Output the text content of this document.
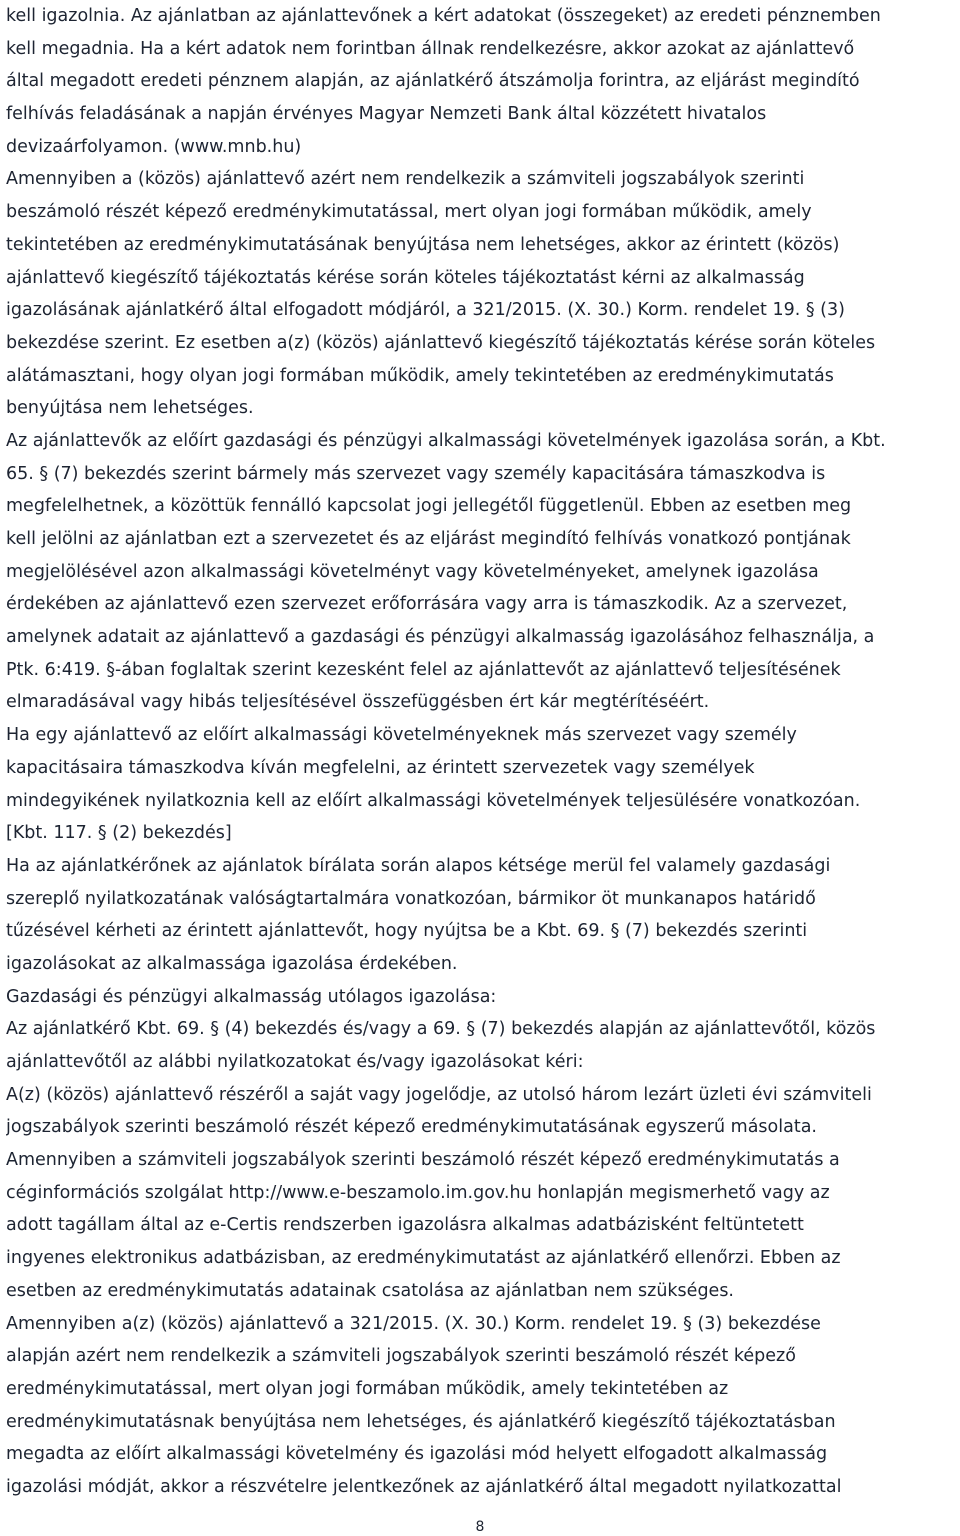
kell igazolnia. Az ajánlatban az ajánlattevőnek a kért adatokat (összegeket) az eredeti pénznemben
kell megadnia. Ha a kért adatok nem forintban állnak rendelkezésre, akkor azokat az ajánlattevő
által megadott eredeti pénznem alapján, az ajánlatkérő átszámolja forintra, az eljárást megindító
felhívás feladásának a napján érvényes Magyar Nemzeti Bank által közzétett hivatalos
devizaárfolyamon. (www.mnb.hu)
Amennyiben a (közös) ajánlattevő azért nem rendelkezik a számviteli jogszabályok szerinti
beszámoló részét képező eredménykimutatással, mert olyan jogi formában működik, amely
tekintetében az eredménykimutatásának benyújtása nem lehetséges, akkor az érintett (közös)
ajánlattevő kiegészítő tájékoztatás kérése során köteles tájékoztatást kérni az alkalmasság
igazolásának ajánlatkérő által elfogadott módjáról, a 321/2015. (X. 30.) Korm. rendelet 19. § (3)
bekezdése szerint. Ez esetben a(z) (közös) ajánlattevő kiegészítő tájékoztatás kérése során köteles
alátámasztani, hogy olyan jogi formában működik, amely tekintetében az eredménykimutatás
benyújtása nem lehetséges.
Az ajánlattevők az előírt gazdasági és pénzügyi alkalmassági követelmények igazolása során, a Kbt.
65. § (7) bekezdés szerint bármely más szervezet vagy személy kapacitására támaszkodva is
megfelelhetnek, a közöttük fennálló kapcsolat jogi jellegétől függetlenül. Ebben az esetben meg
kell jelölni az ajánlatban ezt a szervezetet és az eljárást megindító felhívás vonatkozó pontjának
megjelölésével azon alkalmassági követelményt vagy követelményeket, amelynek igazolása
érdekében az ajánlattevő ezen szervezet erőforrására vagy arra is támaszkodik. Az a szervezet,
amelynek adatait az ajánlattevő a gazdasági és pénzügyi alkalmasság igazolásához felhasználja, a
Ptk. 6:419. §-ában foglaltak szerint kezesként felel az ajánlattevőt az ajánlattevő teljesítésének
elmaradásával vagy hibás teljesítésével összefüggésben ért kár megtérítéséért.
Ha egy ajánlattevő az előírt alkalmassági követelményeknek más szervezet vagy személy
kapacitásaira támaszkodva kíván megfelelni, az érintett szervezetek vagy személyek
mindegyikének nyilatkoznia kell az előírt alkalmassági követelmények teljesülésére vonatkozóan.
[Kbt. 117. § (2) bekezdés]
Ha az ajánlatkérőnek az ajánlatok bírálata során alapos kétsége merül fel valamely gazdasági
szereplő nyilatkozatának valóságtartalmára vonatkozóan, bármikor öt munkanapos határidő
tűzésével kérheti az érintett ajánlattevőt, hogy nyújtsa be a Kbt. 69. § (7) bekezdés szerinti
igazolásokat az alkalmassága igazolása érdekében.
Gazdasági és pénzügyi alkalmasság utólagos igazolása:
Az ajánlatkérő Kbt. 69. § (4) bekezdés és/vagy a 69. § (7) bekezdés alapján az ajánlattevőtől, közös
ajánlattevőtől az alábbi nyilatkozatokat és/vagy igazolásokat kéri:
A(z) (közös) ajánlattevő részéről a saját vagy jogelődje, az utolsó három lezárt üzleti évi számviteli
jogszabályok szerinti beszámoló részét képező eredménykimutatásának egyszerű másolata.
Amennyiben a számviteli jogszabályok szerinti beszámoló részét képező eredménykimutatás a
céginformációs szolgálat http://www.e-beszamolo.im.gov.hu honlapján megismerhető vagy az
adott tagállam által az e-Certis rendszerben igazolásra alkalmas adatbázisként feltüntetett
ingyenes elektronikus adatbázisban, az eredménykimutatást az ajánlatkérő ellenőrzi. Ebben az
esetben az eredménykimutatás adatainak csatolása az ajánlatban nem szükséges.
Amennyiben a(z) (közös) ajánlattevő a 321/2015. (X. 30.) Korm. rendelet 19. § (3) bekezdése
alapján azért nem rendelkezik a számviteli jogszabályok szerinti beszámoló részét képező
eredménykimutatással, mert olyan jogi formában működik, amely tekintetében az
eredménykimutatásnak benyújtása nem lehetséges, és ajánlatkérő kiegészítő tájékoztatásban
megadta az előírt alkalmassági követelmény és igazolási mód helyett elfogadott alkalmasság
igazolási módját, akkor a részvételre jelentkezőnek az ajánlatkérő által megadott nyilatkozattal
8
